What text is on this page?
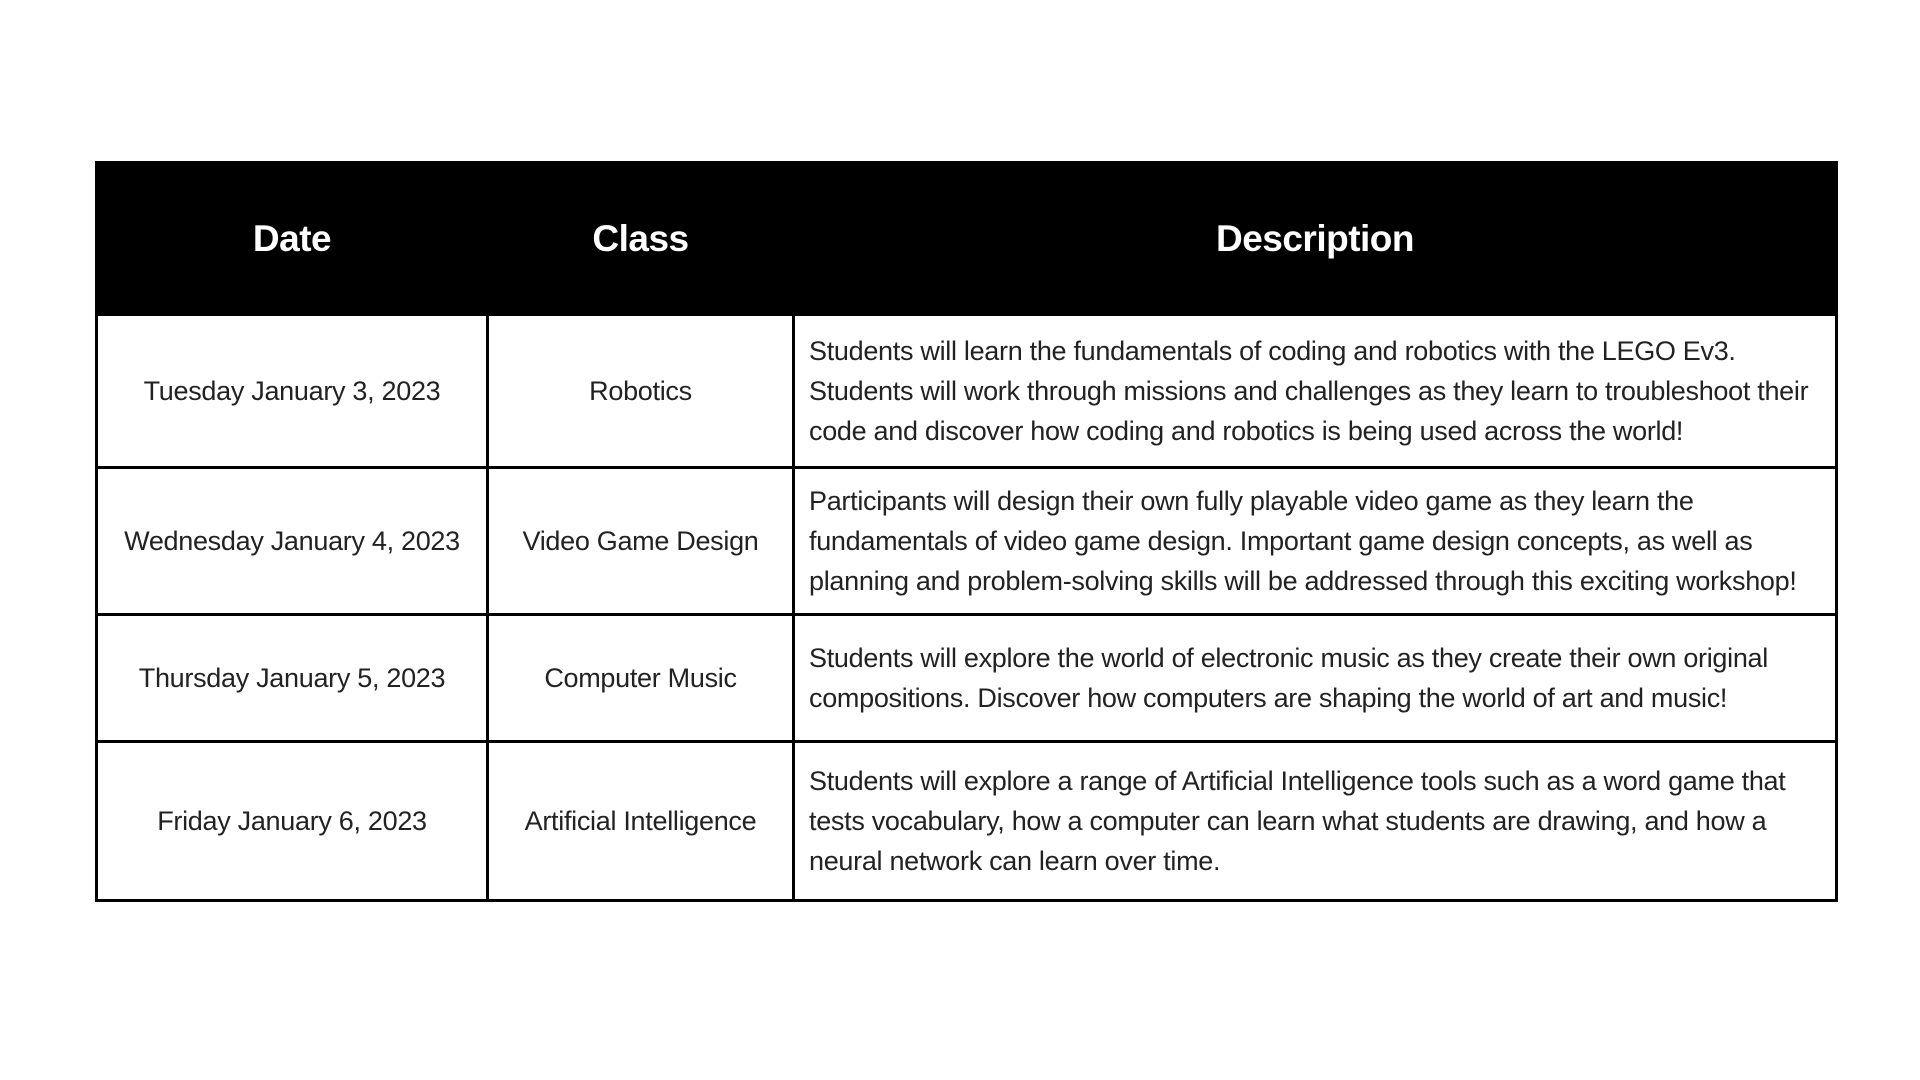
Date	Class	Description
Tuesday January 3, 2023	Robotics	Students will learn the fundamentals of coding and robotics with the LEGO Ev3. Students will work through missions and challenges as they learn to troubleshoot their code and discover how coding and robotics is being used across the world!
Wednesday January 4, 2023	Video Game Design	Participants will design their own fully playable video game as they learn the fundamentals of video game design. Important game design concepts, as well as planning and problem-solving skills will be addressed through this exciting workshop!
Thursday January 5, 2023	Computer Music	Students will explore the world of electronic music as they create their own original compositions. Discover how computers are shaping the world of art and music!
Friday January 6, 2023	Artificial Intelligence	Students will explore a range of Artificial Intelligence tools such as a word game that tests vocabulary, how a computer can learn what students are drawing, and how a neural network can learn over time.
